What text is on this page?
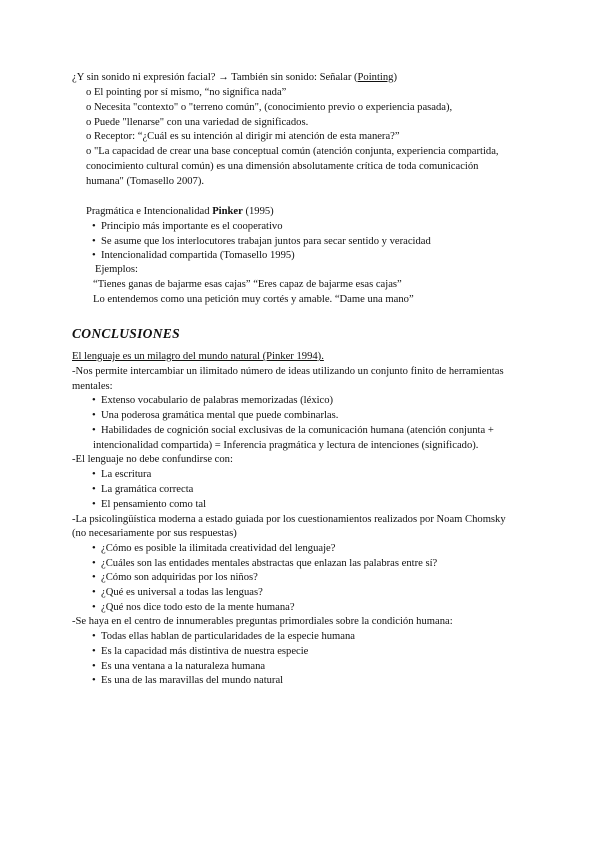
¿Y sin sonido ni expresión facial? → También sin sonido: Señalar (Pointing)
o El pointing por sí mismo, “no significa nada”
o Necesita "contexto" o "terreno común", (conocimiento previo o experiencia pasada),
o Puede "llenarse" con una variedad de significados.
o Receptor: “¿Cuál es su intención al dirigir mi atención de esta manera?”
o "La capacidad de crear una base conceptual común (atención conjunta, experiencia compartida,
conocimiento cultural común) es una dimensión absolutamente crítica de toda comunicación
humana" (Tomasello 2007).
Pragmática e Intencionalidad Pinker (1995)
• Principio más importante es el cooperativo
• Se asume que los interlocutores trabajan juntos para secar sentido y veracidad
• Intencionalidad compartida (Tomasello 1995)
Ejemplos:
“Tienes ganas de bajarme esas cajas” “Eres capaz de bajarme esas cajas”
Lo entendemos como una petición muy cortés y amable. “Dame una mano”
CONCLUSIONES
El lenguaje es un milagro del mundo natural (Pinker 1994).
-Nos permite intercambiar un ilimitado número de ideas utilizando un conjunto finito de herramientas
mentales:
• Extenso vocabulario de palabras memorizadas (léxico)
• Una poderosa gramática mental que puede combinarlas.
• Habilidades de cognición social exclusivas de la comunicación humana (atención conjunta +
intencionalidad compartida) = Inferencia pragmática y lectura de intenciones (significado).
-El lenguaje no debe confundirse con:
• La escritura
• La gramática correcta
• El pensamiento como tal
-La psicolingüística moderna a estado guiada por los cuestionamientos realizados por Noam Chomsky
(no necesariamente por sus respuestas)
• ¿Cómo es posible la ilimitada creatividad del lenguaje?
• ¿Cuáles son las entidades mentales abstractas que enlazan las palabras entre sí?
• ¿Cómo son adquiridas por los niños?
• ¿Qué es universal a todas las lenguas?
• ¿Qué nos dice todo esto de la mente humana?
-Se haya en el centro de innumerables preguntas primordiales sobre la condición humana:
• Todas ellas hablan de particularidades de la especie humana
• Es la capacidad más distintiva de nuestra especie
• Es una ventana a la naturaleza humana
• Es una de las maravillas del mundo natural
